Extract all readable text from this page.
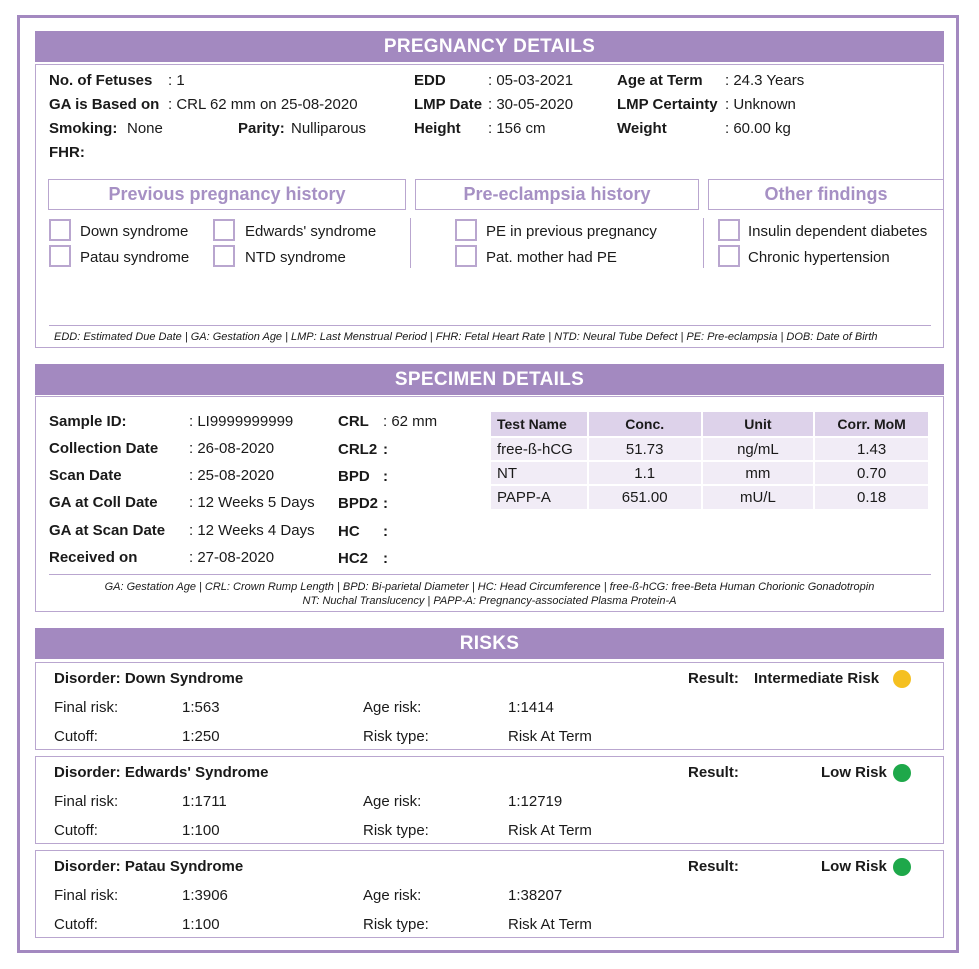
PREGNANCY DETAILS
No. of Fetuses : 1
GA is Based on : CRL 62 mm on 25-08-2020
Smoking: None	Parity: Nulliparous
FHR:
EDD	: 05-03-2021
LMP Date : 30-05-2020
Height : 156 cm
Age at Term : 24.3 Years
LMP Certainty : Unknown
Weight	: 60.00 kg
Previous pregnancy history	Pre-eclampsia history	Other findings
Down syndrome
Patau syndrome
Edwards' syndrome
NTD syndrome
PE in previous pregnancy
Pat. mother had PE
Insulin dependent diabetes
Chronic hypertension
EDD: Estimated Due Date | GA: Gestation Age | LMP: Last Menstrual Period | FHR: Fetal Heart Rate | NTD: Neural Tube Defect | PE: Pre-eclampsia | DOB: Date of Birth
SPECIMEN DETAILS
Sample ID:	: LI9999999999
Collection Date : 26-08-2020
Scan Date	: 25-08-2020
GA at Coll Date : 12 Weeks 5 Days
GA at Scan Date : 12 Weeks 4 Days
Received on	: 27-08-2020
CRL : 62 mm
CRL2 :
BPD :
BPD2 :
HC :
HC2 :
Test Name	Conc.	Unit	Corr. MoM
free-ß-hCG	51.73	ng/mL	1.43
NT	1.1	mm	0.70
PAPP-A	651.00	mU/L	0.18
GA: Gestation Age | CRL: Crown Rump Length | BPD: Bi-parietal Diameter | HC: Head Circumference | free-ß-hCG: free-Beta Human Chorionic Gonadotropin
NT: Nuchal Translucency | PAPP-A: Pregnancy-associated Plasma Protein-A
RISKS
Disorder: Down Syndrome	Result: Intermediate Risk
Final risk:	1:563	Age risk:	1:1414
Cutoff:	1:250	Risk type:	Risk At Term
Disorder: Edwards' Syndrome	Result:	Low Risk
Final risk:	1:1711	Age risk:	1:12719
Cutoff:	1:100	Risk type:	Risk At Term
Disorder: Patau Syndrome	Result:	Low Risk
Final risk:	1:3906	Age risk:	1:38207
Cutoff:	1:100	Risk type:	Risk At Term
